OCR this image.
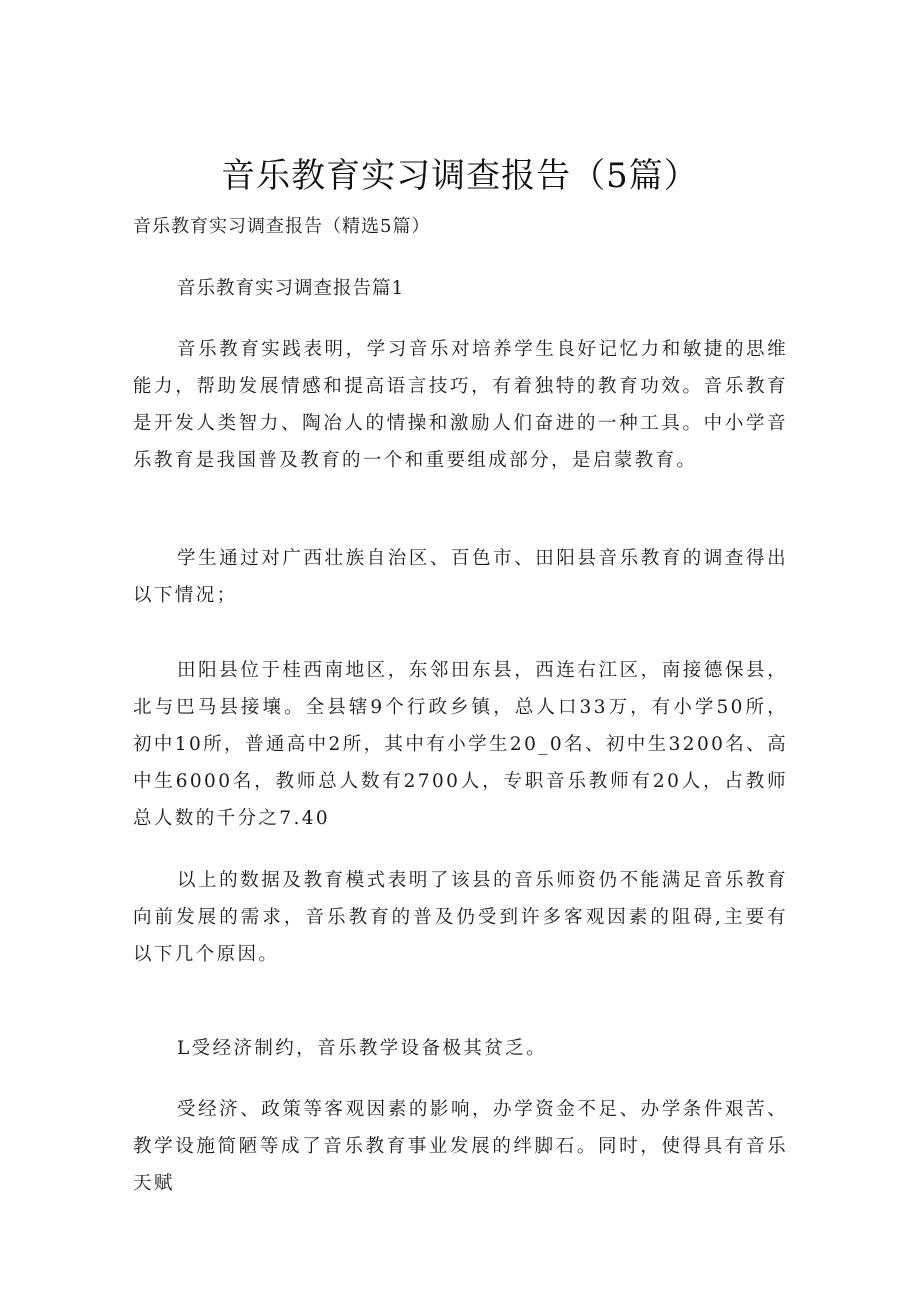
音乐教育实习调查报告（5篇）

音乐教育实习调查报告（精选5篇）

音乐教育实习调查报告篇1

音乐教育实践表明，学习音乐对培养学生良好记忆力和敏捷的思维能力，帮助发展情感和提高语言技巧，有着独特的教育功效。音乐教育是开发人类智力、陶冶人的情操和激励人们奋进的一种工具。中小学音乐教育是我国普及教育的一个和重要组成部分，是启蒙教育。

学生通过对广西壮族自治区、百色市、田阳县音乐教育的调查得出以下情况；

田阳县位于桂西南地区，东邻田东县，西连右江区，南接德保县，北与巴马县接壤。全县辖9个行政乡镇，总人口33万，有小学50所，初中10所，普通高中2所，其中有小学生20_0名、初中生3200名、高中生6000名，教师总人数有2700人，专职音乐教师有20人，占教师总人数的千分之7.40

以上的数据及教育模式表明了该县的音乐师资仍不能满足音乐教育向前发展的需求，音乐教育的普及仍受到许多客观因素的阻碍,主要有以下几个原因。

L受经济制约，音乐教学设备极其贫乏。

受经济、政策等客观因素的影响，办学资金不足、办学条件艰苦、教学设施简陋等成了音乐教育事业发展的绊脚石。同时，使得具有音乐天赋
